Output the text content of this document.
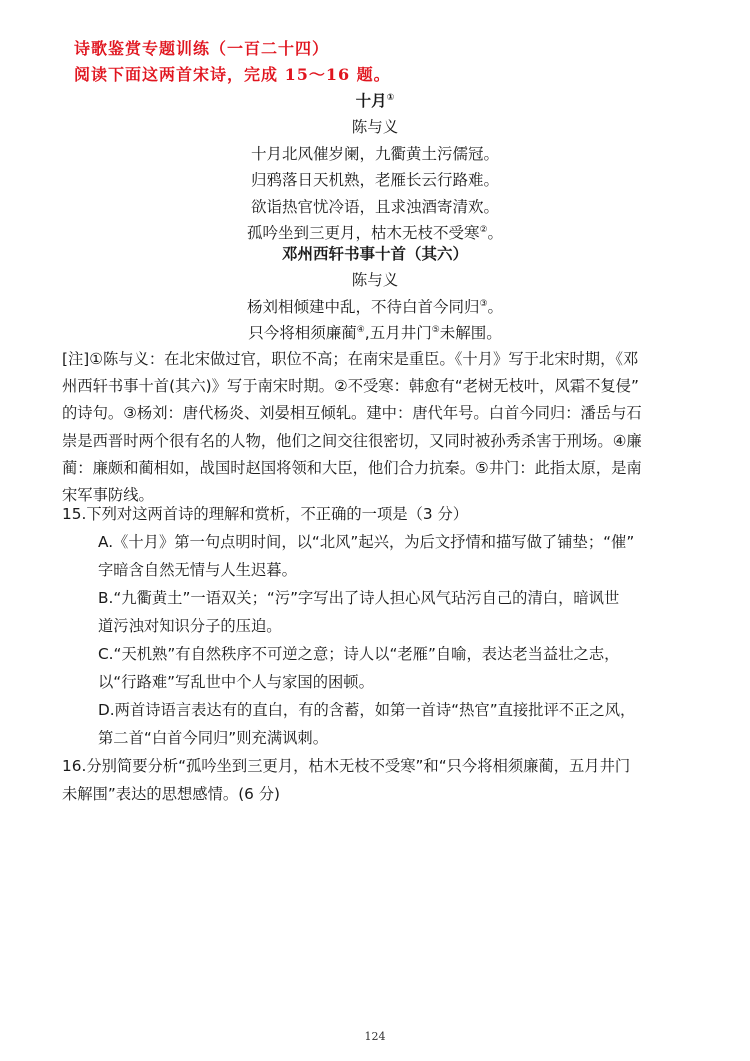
诗歌鉴赏专题训练（一百二十四）
阅读下面这两首宋诗，完成 15～16 题。
十月①
陈与义
十月北风催岁阑，九衢黄土污儒冠。
归鸦落日天机熟，老雁长云行路难。
欲诣热官忧冷语，且求浊酒寄清欢。
孤吟坐到三更月，枯木无枝不受寒②。
邓州西轩书事十首（其六）
陈与义
杨刘相倾建中乱，不待白首今同归③。
只今将相须廉蔺④,五月井门⑤未解围。
[注]①陈与义：在北宋做过官，职位不高；在南宋是重臣。《十月》写于北宋时期，《邓
州西轩书事十首(其六)》写于南宋时期。②不受寒：韩愈有“老树无枝叶，风霜不复侵”
的诗句。③杨刘：唐代杨炎、刘晏相互倾轧。建中：唐代年号。白首今同归：潘岳与石
崇是西晋时两个很有名的人物，他们之间交往很密切，又同时被孙秀杀害于刑场。④廉
蔺：廉颇和蔺相如，战国时赵国将领和大臣，他们合力抗秦。⑤井门：此指太原，是南
宋军事防线。
15.下列对这两首诗的理解和赏析，不正确的一项是（3 分）
A.《十月》第一句点明时间，以“北风”起兴，为后文抒情和描写做了铺垫；“催”
字暗含自然无情与人生迟暮。
B.“九衢黄土”一语双关；“污”字写出了诗人担心风气玷污自己的清白，暗讽世
道污浊对知识分子的压迫。
C.“天机熟”有自然秩序不可逆之意；诗人以“老雁”自喻，表达老当益壮之志，
以“行路难”写乱世中个人与家国的困顿。
D.两首诗语言表达有的直白，有的含蓄，如第一首诗“热官”直接批评不正之风，
第二首“白首今同归”则充满讽刺。
16.分别简要分析“孤吟坐到三更月，枯木无枝不受寒”和“只今将相须廉蔺，五月井门
未解围”表达的思想感情。(6 分)
124
